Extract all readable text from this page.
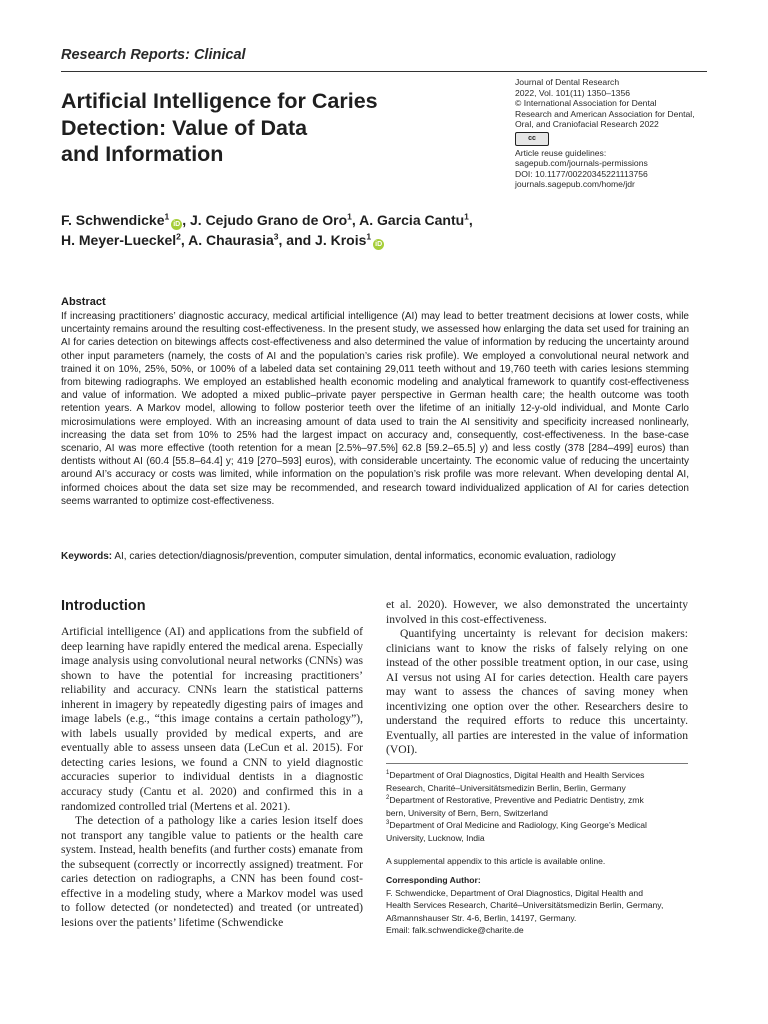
Research Reports: Clinical
Artificial Intelligence for Caries
Detection: Value of Data
and Information
Journal of Dental Research
2022, Vol. 101(11) 1350–1356
© International Association for Dental
Research and American Association for Dental,
Oral, and Craniofacial Research 2022
cc
Article reuse guidelines:
sagepub.com/journals-permissions
DOI: 10.1177/00220345221113756
journals.sagepub.com/home/jdr
F. Schwendicke$^1$iD , J. Cejudo Grano de Oro$^1$, A. Garcia Cantu$^1$,
H. Meyer-Lueckel$^2$, A. Chaurasia$^3$, and J. Krois$^1$iD
Abstract
If increasing practitioners’ diagnostic accuracy, medical artificial intelligence (AI) may lead to better treatment decisions at lower costs, while uncertainty remains around the resulting cost-effectiveness. In the present study, we assessed how enlarging the data set used for training an AI for caries detection on bitewings affects cost-effectiveness and also determined the value of information by reducing the uncertainty around other input parameters (namely, the costs of AI and the population’s caries risk profile). We employed a convolutional neural network and trained it on 10%, 25%, 50%, or 100% of a labeled data set containing 29,011 teeth without and 19,760 teeth with caries lesions stemming from bitewing radiographs. We employed an established health economic modeling and analytical framework to quantify cost-effectiveness and value of information. We adopted a mixed public–private payer perspective in German health care; the health outcome was tooth retention years. A Markov model, allowing to follow posterior teeth over the lifetime of an initially 12-y-old individual, and Monte Carlo microsimulations were employed. With an increasing amount of data used to train the AI sensitivity and specificity increased nonlinearly, increasing the data set from 10% to 25% had the largest impact on accuracy and, consequently, cost-effectiveness. In the base-case scenario, AI was more effective (tooth retention for a mean [2.5%–97.5%] 62.8 [59.2–65.5] y) and less costly (378 [284–499] euros) than dentists without AI (60.4 [55.8–64.4] y; 419 [270–593] euros), with considerable uncertainty. The economic value of reducing the uncertainty around AI’s accuracy or costs was limited, while information on the population’s risk profile was more relevant. When developing dental AI, informed choices about the data set size may be recommended, and research toward individualized application of AI for caries detection seems warranted to optimize cost-effectiveness.
Keywords: AI, caries detection/diagnosis/prevention, computer simulation, dental informatics, economic evaluation, radiology
Introduction

Artificial intelligence (AI) and applications from the subfield of deep learning have rapidly entered the medical arena. Especially image analysis using convolutional neural networks (CNNs) was shown to have the potential for increasing practitioners’ reliability and accuracy. CNNs learn the statistical patterns inherent in imagery by repeatedly digesting pairs of images and image labels (e.g., “this image contains a certain pathology”), with labels usually provided by medical experts, and are eventually able to assess unseen data (LeCun et al. 2015). For detecting caries lesions, we found a CNN to yield diagnostic accuracies superior to individual dentists in a diagnostic accuracy study (Cantu et al. 2020) and confirmed this in a randomized controlled trial (Mertens et al. 2021).

The detection of a pathology like a caries lesion itself does not transport any tangible value to patients or the health care system. Instead, health benefits (and further costs) emanate from the subsequent (correctly or incorrectly assigned) treatment. For caries detection on radiographs, a CNN has been found cost-effective in a modeling study, where a Markov model was used to follow detected (or nondetected) and treated (or untreated) lesions over the patients’ lifetime (Schwendicke

et al. 2020). However, we also demonstrated the uncertainty involved in this cost-effectiveness.

Quantifying uncertainty is relevant for decision makers: clinicians want to know the risks of falsely relying on one instead of the other possible treatment option, in our case, using AI versus not using AI for caries detection. Health care payers may want to assess the chances of saving money when incentivizing one option over the other. Researchers desire to understand the required efforts to reduce this uncertainty. Eventually, all parties are interested in the value of information (VOI).

$^1$Department of Oral Diagnostics, Digital Health and Health Services
Research, Charité–Universitätsmedizin Berlin, Berlin, Germany
$^2$Department of Restorative, Preventive and Pediatric Dentistry, zmk
bern, University of Bern, Bern, Switzerland
$^3$Department of Oral Medicine and Radiology, King George’s Medical
University, Lucknow, India
A supplemental appendix to this article is available online.
Corresponding Author:
F. Schwendicke, Department of Oral Diagnostics, Digital Health and
Health Services Research, Charité–Universitätsmedizin Berlin, Germany,
Aßmannshauser Str. 4-6, Berlin, 14197, Germany.
Email: falk.schwendicke@charite.de
